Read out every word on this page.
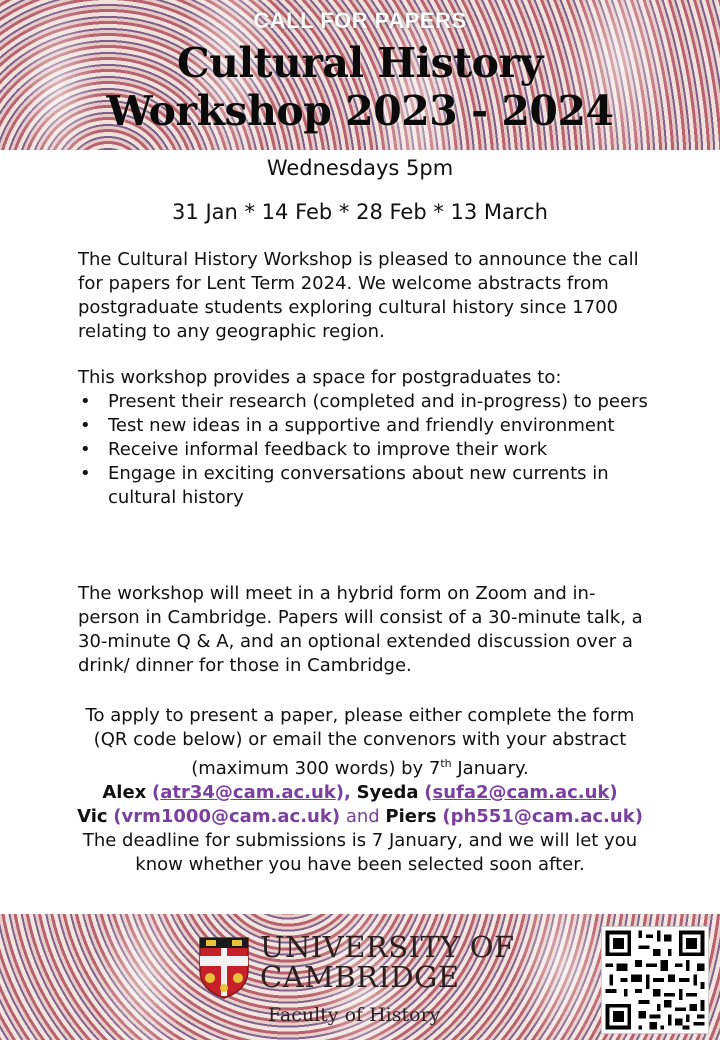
CALL FOR PAPERS
Cultural History
Workshop 2023 - 2024
Wednesdays 5pm
31 Jan * 14 Feb * 28 Feb * 13 March
The Cultural History Workshop is pleased to announce the call for papers for Lent Term 2024. We welcome abstracts from postgraduate students exploring cultural history since 1700 relating to any geographic region.
This workshop provides a space for postgraduates to:
• Present their research (completed and in-progress) to peers
• Test new ideas in a supportive and friendly environment
• Receive informal feedback to improve their work
• Engage in exciting conversations about new currents in cultural history
The workshop will meet in a hybrid form on Zoom and in-person in Cambridge. Papers will consist of a 30-minute talk, a 30-minute Q & A, and an optional extended discussion over a drink/ dinner for those in Cambridge.
To apply to present a paper, please either complete the form (QR code below) or email the convenors with your abstract (maximum 300 words) by 7th January.
Alex (atr34@cam.ac.uk), Syeda (sufa2@cam.ac.uk)
Vic (vrm1000@cam.ac.uk) and Piers (ph551@cam.ac.uk)
The deadline for submissions is 7 January, and we will let you know whether you have been selected soon after.
UNIVERSITY OF
CAMBRIDGE
Faculty of History
